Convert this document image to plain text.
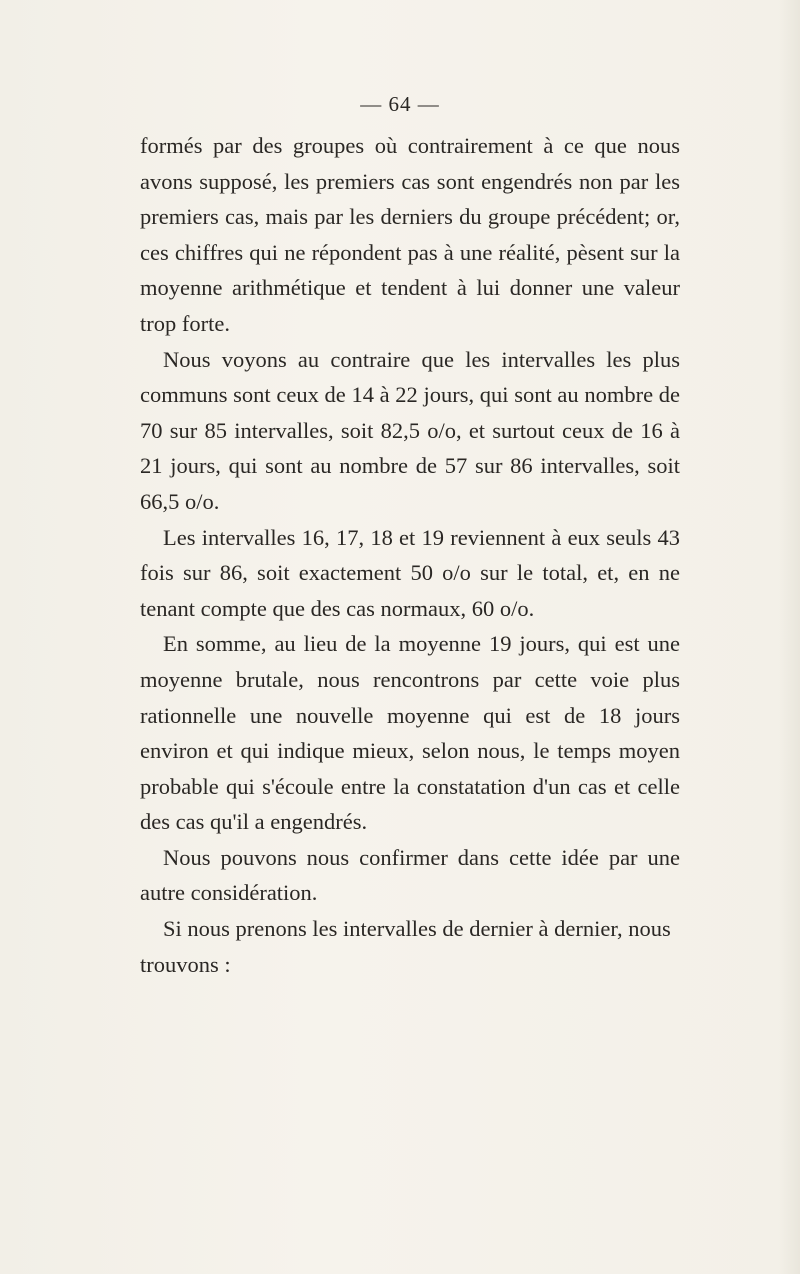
— 64 —

formés par des groupes où contrairement à ce que nous avons supposé, les premiers cas sont engendrés non par les premiers cas, mais par les derniers du groupe précédent; or, ces chiffres qui ne répondent pas à une réalité, pèsent sur la moyenne arithmétique et tendent à lui donner une valeur trop forte.

Nous voyons au contraire que les intervalles les plus communs sont ceux de 14 à 22 jours, qui sont au nombre de 70 sur 85 intervalles, soit 82,5 o/o, et surtout ceux de 16 à 21 jours, qui sont au nombre de 57 sur 86 intervalles, soit 66,5 o/o.

Les intervalles 16, 17, 18 et 19 reviennent à eux seuls 43 fois sur 86, soit exactement 50 o/o sur le total, et, en ne tenant compte que des cas normaux, 60 o/o.

En somme, au lieu de la moyenne 19 jours, qui est une moyenne brutale, nous rencontrons par cette voie plus rationnelle une nouvelle moyenne qui est de 18 jours environ et qui indique mieux, selon nous, le temps moyen probable qui s'écoule entre la constatation d'un cas et celle des cas qu'il a engendrés.

Nous pouvons nous confirmer dans cette idée par une autre considération.

Si nous prenons les intervalles de dernier à dernier, nous trouvons :
